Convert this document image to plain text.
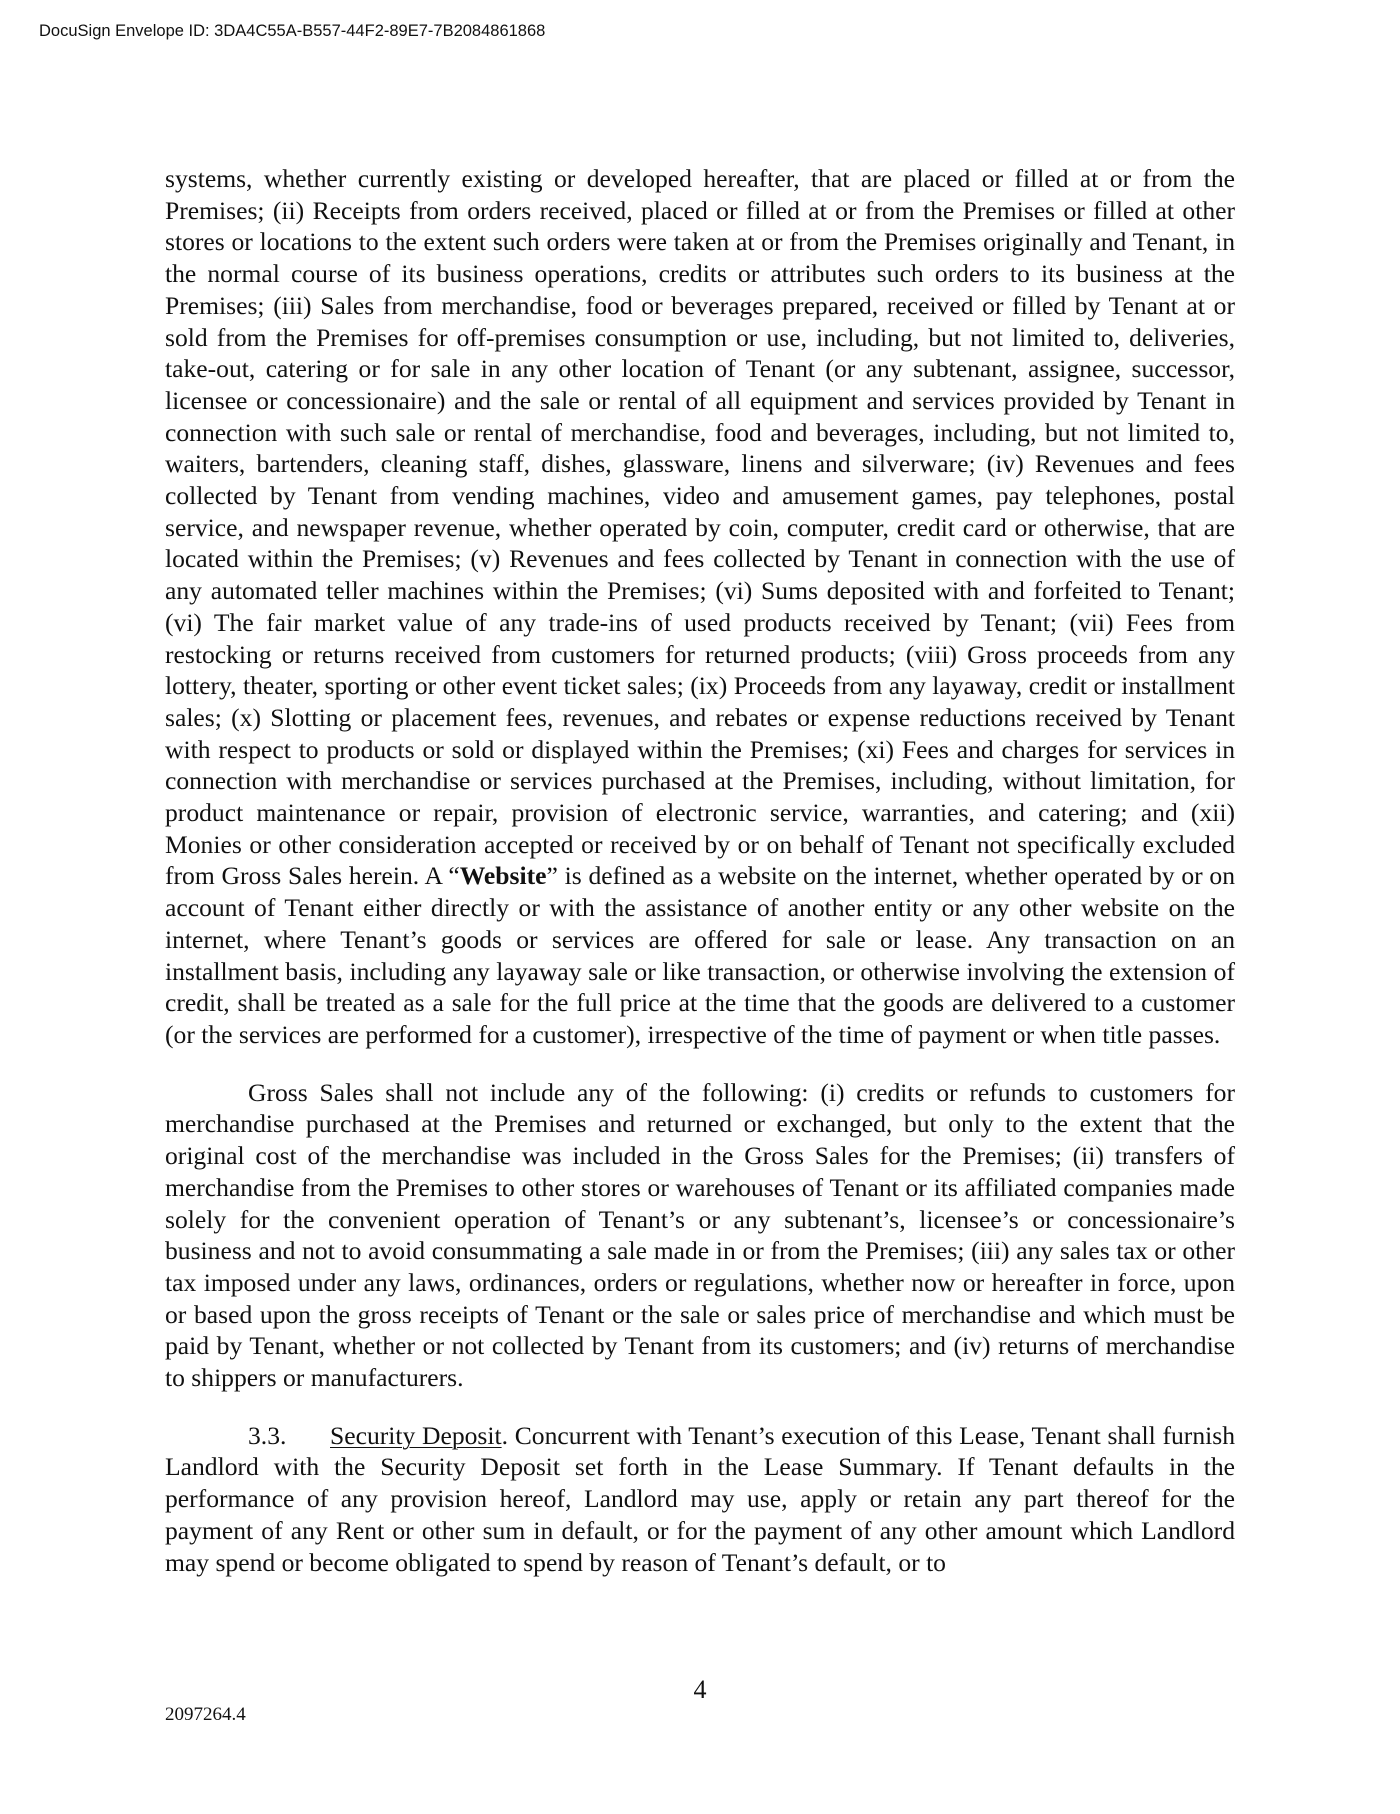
DocuSign Envelope ID: 3DA4C55A-B557-44F2-89E7-7B2084861868

systems, whether currently existing or developed hereafter, that are placed or filled at or from the Premises; (ii) Receipts from orders received, placed or filled at or from the Premises or filled at other stores or locations to the extent such orders were taken at or from the Premises originally and Tenant, in the normal course of its business operations, credits or attributes such orders to its business at the Premises; (iii) Sales from merchandise, food or beverages prepared, received or filled by Tenant at or sold from the Premises for off-premises consumption or use, including, but not limited to, deliveries, take-out, catering or for sale in any other location of Tenant (or any subtenant, assignee, successor, licensee or concessionaire) and the sale or rental of all equipment and services provided by Tenant in connection with such sale or rental of merchandise, food and beverages, including, but not limited to, waiters, bartenders, cleaning staff, dishes, glassware, linens and silverware; (iv) Revenues and fees collected by Tenant from vending machines, video and amusement games, pay telephones, postal service, and newspaper revenue, whether operated by coin, computer, credit card or otherwise, that are located within the Premises; (v) Revenues and fees collected by Tenant in connection with the use of any automated teller machines within the Premises; (vi) Sums deposited with and forfeited to Tenant; (vi) The fair market value of any trade-ins of used products received by Tenant; (vii) Fees from restocking or returns received from customers for returned products; (viii) Gross proceeds from any lottery, theater, sporting or other event ticket sales; (ix) Proceeds from any layaway, credit or installment sales; (x) Slotting or placement fees, revenues, and rebates or expense reductions received by Tenant with respect to products or sold or displayed within the Premises; (xi) Fees and charges for services in connection with merchandise or services purchased at the Premises, including, without limitation, for product maintenance or repair, provision of electronic service, warranties, and catering; and (xii) Monies or other consideration accepted or received by or on behalf of Tenant not specifically excluded from Gross Sales herein. A “Website” is defined as a website on the internet, whether operated by or on account of Tenant either directly or with the assistance of another entity or any other website on the internet, where Tenant’s goods or services are offered for sale or lease. Any transaction on an installment basis, including any layaway sale or like transaction, or otherwise involving the extension of credit, shall be treated as a sale for the full price at the time that the goods are delivered to a customer (or the services are performed for a customer), irrespective of the time of payment or when title passes.

Gross Sales shall not include any of the following: (i) credits or refunds to customers for merchandise purchased at the Premises and returned or exchanged, but only to the extent that the original cost of the merchandise was included in the Gross Sales for the Premises; (ii) transfers of merchandise from the Premises to other stores or warehouses of Tenant or its affiliated companies made solely for the convenient operation of Tenant’s or any subtenant’s, licensee’s or concessionaire’s business and not to avoid consummating a sale made in or from the Premises; (iii) any sales tax or other tax imposed under any laws, ordinances, orders or regulations, whether now or hereafter in force, upon or based upon the gross receipts of Tenant or the sale or sales price of merchandise and which must be paid by Tenant, whether or not collected by Tenant from its customers; and (iv) returns of merchandise to shippers or manufacturers.

3.3. Security Deposit. Concurrent with Tenant’s execution of this Lease, Tenant shall furnish Landlord with the Security Deposit set forth in the Lease Summary. If Tenant defaults in the performance of any provision hereof, Landlord may use, apply or retain any part thereof for the payment of any Rent or other sum in default, or for the payment of any other amount which Landlord may spend or become obligated to spend by reason of Tenant’s default, or to

4
2097264.4
